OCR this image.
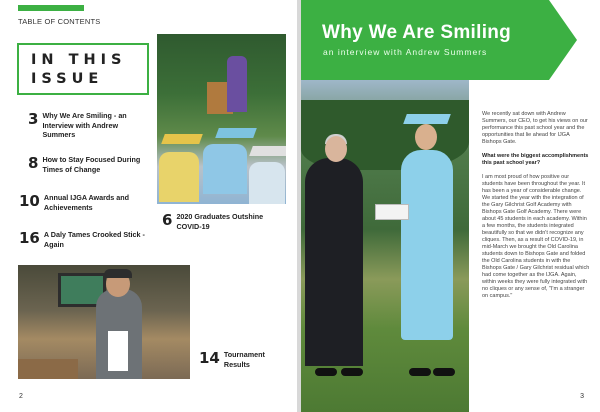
TABLE OF CONTENTS
IN THIS
ISSUE
3 Why We Are Smiling - an Interview with Andrew Summers
8 How to Stay Focused During Times of Change
10 Annual IJGA Awards and Achievements
16 A Daly Tames Crooked Stick - Again
6 2020 Graduates Outshine COVID-19
14 Tournament Results
2
Why We Are Smiling
an interview with Andrew Summers

We recently sat down with Andrew Summers, our CEO, to get his views on our performance this past school year and the opportunities that lie ahead for IJGA Bishops Gate.

What were the biggest accomplishments this past school year?

I am most proud of how positive our students have been throughout the year. It has been a year of considerable change. We started the year with the integration of the Gary Gilchrist Golf Academy with Bishops Gate Golf Academy. There were about 45 students in each academy. Within a few months, the students integrated beautifully so that we didn't recognize any cliques. Then, as a result of COVID-19, in mid-March we brought the Old Carolina students down to Bishops Gate and folded the Old Carolina students in with the Bishops Gate / Gary Gilchrist residual which had come together as the IJGA. Again, within weeks they were fully integrated with no cliques or any sense of, "I'm a stranger on campus."

3
